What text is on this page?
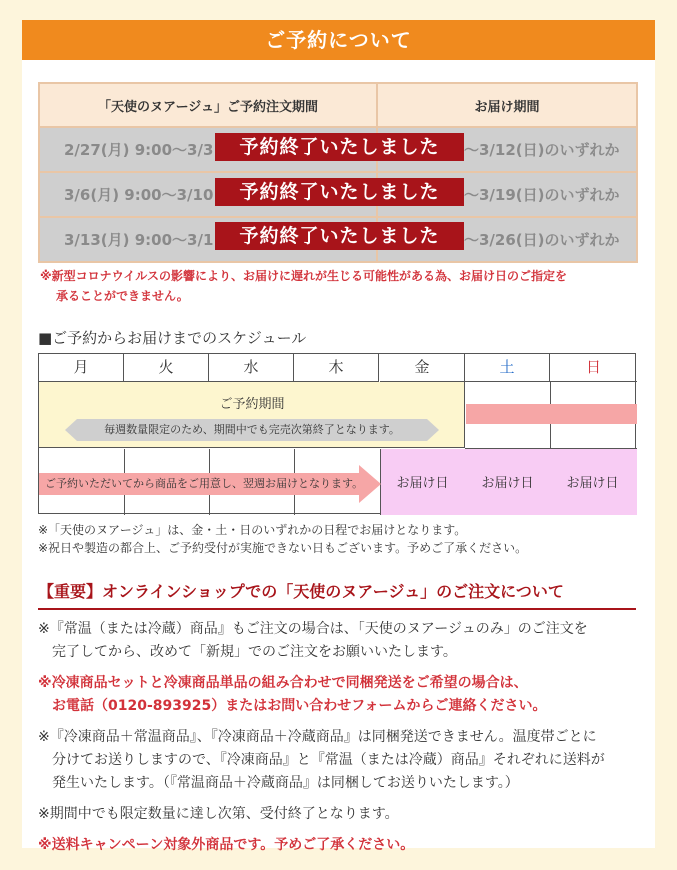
ご予約について
「天使のヌアージュ」ご予約注文期間	お届け期間
2/27(月) 9:00～3/3	～3/12(日)のいずれか
3/6(月) 9:00～3/10	～3/19(日)のいずれか
3/13(月) 9:00～3/1	～3/26(日)のいずれか
予約終了いたしました
予約終了いたしました
予約終了いたしました
※新型コロナウイルスの影響により、お届けに遅れが生じる可能性がある為、お届け日のご指定を
承ることができません。
■ご予約からお届けまでのスケジュール
月	火	水	木	金	土	日
ご予約期間
毎週数量限定のため、期間中でも完売次第終了となります。
ご予約いただいてから商品をご用意し、翌週お届けとなります。	お届け日	お届け日	お届け日
※「天使のヌアージュ」は、金・土・日のいずれかの日程でお届けとなります。
※祝日や製造の都合上、ご予約受付が実施できない日もございます。予めご了承ください。
【重要】オンラインショップでの「天使のヌアージュ」のご注文について

※『常温（または冷蔵）商品』もご注文の場合は、「天使のヌアージュのみ」のご注文を
完了してから、改めて「新規」でのご注文をお願いいたします。

※冷凍商品セットと冷凍商品単品の組み合わせで同梱発送をご希望の場合は、
お電話（0120-893925）またはお問い合わせフォームからご連絡ください。

※『冷凍商品＋常温商品』、『冷凍商品＋冷蔵商品』は同梱発送できません。温度帯ごとに
分けてお送りしますので、『冷凍商品』と『常温（または冷蔵）商品』それぞれに送料が
発生いたします。（『常温商品＋冷蔵商品』は同梱してお送りいたします。）

※期間中でも限定数量に達し次第、受付終了となります。

※送料キャンペーン対象外商品です。予めご了承ください。
